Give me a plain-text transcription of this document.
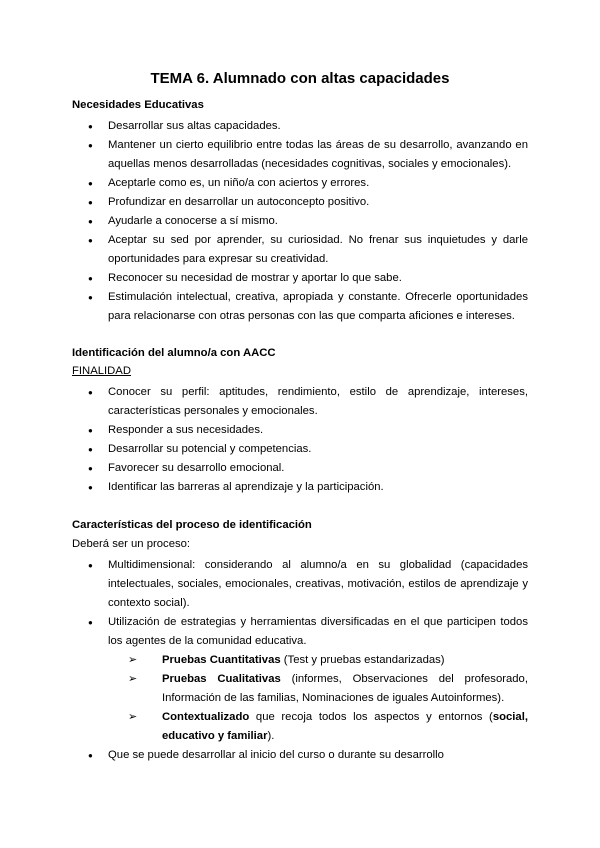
TEMA 6. Alumnado con altas capacidades

Necesidades Educativas

● Desarrollar sus altas capacidades.
● Mantener un cierto equilibrio entre todas las áreas de su desarrollo, avanzando en aquellas menos desarrolladas (necesidades cognitivas, sociales y emocionales).
● Aceptarle como es, un niño/a con aciertos y errores.
● Profundizar en desarrollar un autoconcepto positivo.
● Ayudarle a conocerse a sí mismo.
● Aceptar su sed por aprender, su curiosidad. No frenar sus inquietudes y darle oportunidades para expresar su creatividad.
● Reconocer su necesidad de mostrar y aportar lo que sabe.
● Estimulación intelectual, creativa, apropiada y constante. Ofrecerle oportunidades para relacionarse con otras personas con las que comparta aficiones e intereses.

Identificación del alumno/a con AACC

FINALIDAD

● Conocer su perfil: aptitudes, rendimiento, estilo de aprendizaje, intereses, características personales y emocionales.
● Responder a sus necesidades.
● Desarrollar su potencial y competencias.
● Favorecer su desarrollo emocional.
● Identificar las barreras al aprendizaje y la participación.

Características del proceso de identificación

Deberá ser un proceso:

● Multidimensional: considerando al alumno/a en su globalidad (capacidades intelectuales, sociales, emocionales, creativas, motivación, estilos de aprendizaje y contexto social).
● Utilización de estrategias y herramientas diversificadas en el que participen todos los agentes de la comunidad educativa.
➢ Pruebas Cuantitativas (Test y pruebas estandarizadas)
➢ Pruebas Cualitativas (informes, Observaciones del profesorado, Información de las familias, Nominaciones de iguales Autoinformes).
➢ Contextualizado que recoja todos los aspectos y entornos (social, educativo y familiar).
● Que se puede desarrollar al inicio del curso o durante su desarrollo
